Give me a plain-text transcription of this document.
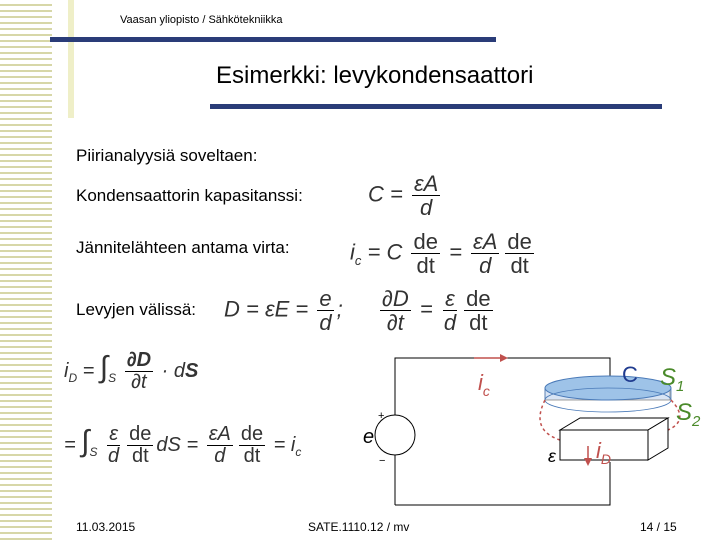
Vaasan yliopisto / Sähkötekniikka
Esimerkki: levykondensaattori
Piirianalyysiä soveltaen:
Kondensaattorin kapasitanssi:	$C = \frac{\varepsilon A}{d}$
Jännitelähteen antama virta:	$i_c = C \frac{de}{dt} = \frac{\varepsilon A}{d} \frac{de}{dt}$
Levyjen välissä: $D = \varepsilon E = \frac{e}{d}$ ; $\frac{\partial D}{\partial t} = \frac{\varepsilon}{d} \frac{de}{dt}$
$i_D = \int_S \frac{\partial D}{\partial t}$ · dS
= $\int_S \frac{\varepsilon}{d} \frac{de}{dt}$ dS = $\frac{\varepsilon A}{d} \frac{de}{dt} = i_c$
+
−
e
$i_c$
C $S_1$
$S_2$
ε $i_D$
11.03.2015	SATE.1110.12 / mv	14 / 15
